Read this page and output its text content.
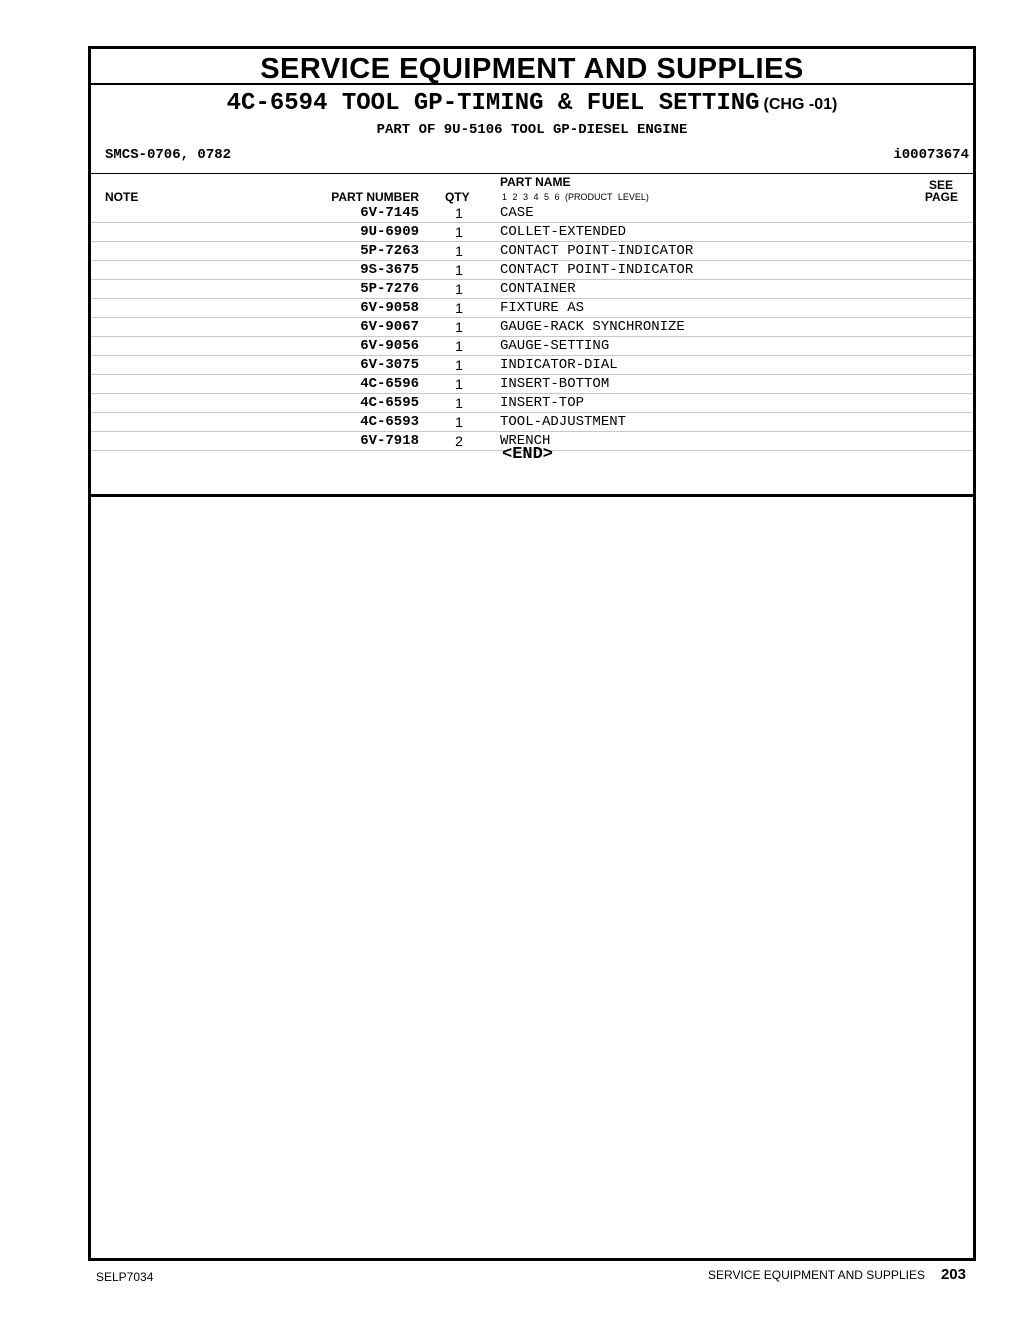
SERVICE EQUIPMENT AND SUPPLIES
4C-6594 TOOL GP-TIMING & FUEL SETTING (CHG -01)
PART OF 9U-5106 TOOL GP-DIESEL ENGINE
SMCS-0706, 0782	i00073674
NOTE	PART NUMBER QTY
PART NAME
1 2 3 4 5 6 (PRODUCT LEVEL)
SEE
PAGE
6V-7145	1	CASE
9U-6909	1	COLLET-EXTENDED
5P-7263	1	CONTACT POINT-INDICATOR
9S-3675	1	CONTACT POINT-INDICATOR
5P-7276	1	CONTAINER
6V-9058	1	FIXTURE AS
6V-9067	1	GAUGE-RACK SYNCHRONIZE
6V-9056	1	GAUGE-SETTING
6V-3075	1	INDICATOR-DIAL
4C-6596	1	INSERT-BOTTOM
4C-6595	1	INSERT-TOP
4C-6593	1	TOOL-ADJUSTMENT
6V-7918	2	WRENCH
<END>
SELP7034	SERVICE EQUIPMENT AND SUPPLIES 203
